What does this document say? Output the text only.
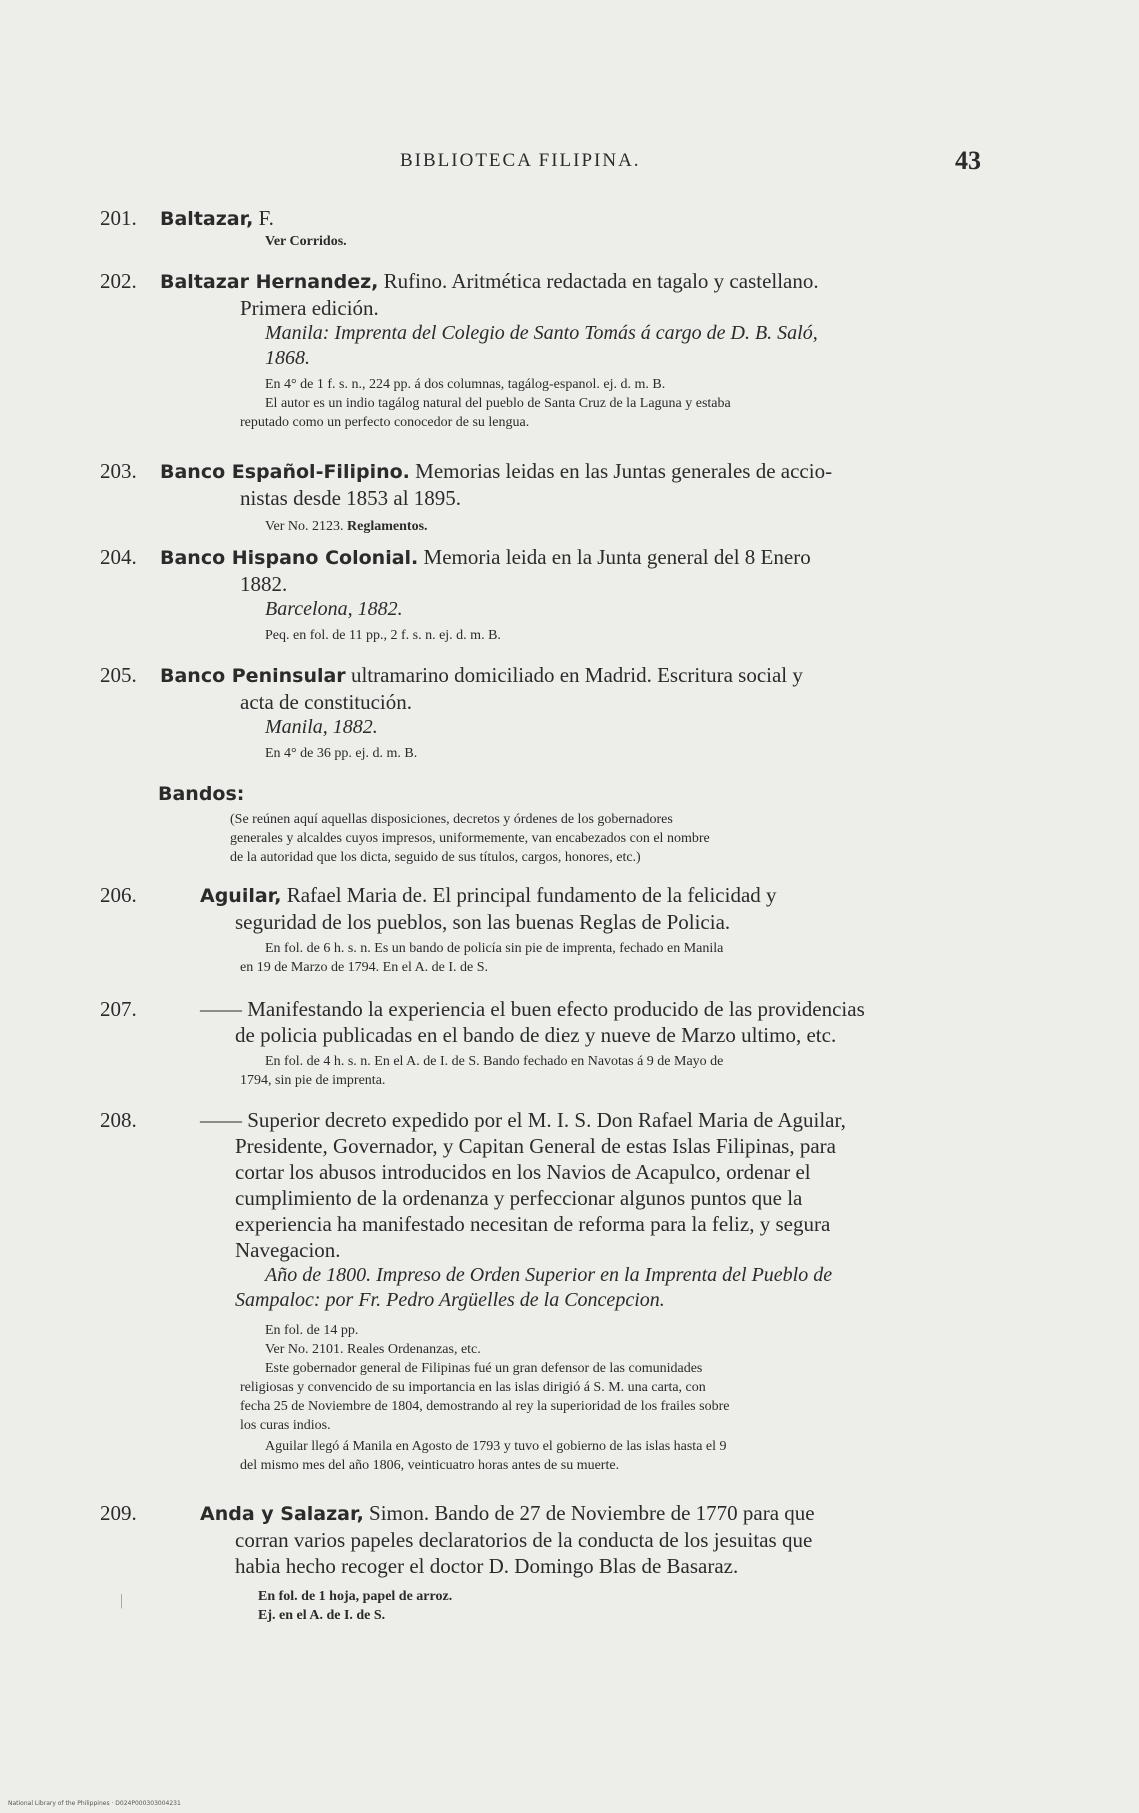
BIBLIOTECA FILIPINA.	43
201. Baltazar, F.
Ver Corridos.
202. Baltazar Hernandez, Rufino. Aritmética redactada en tagalo y castellano.
Primera edición.
Manila: Imprenta del Colegio de Santo Tomás á cargo de D. B. Saló,
1868.
En 4° de 1 f. s. n., 224 pp. á dos columnas, tagálog-espanol. ej. d. m. B.
El autor es un indio tagálog natural del pueblo de Santa Cruz de la Laguna y estaba
reputado como un perfecto conocedor de su lengua.
203. Banco Español-Filipino. Memorias leidas en las Juntas generales de accio-
nistas desde 1853 al 1895.
Ver No. 2123. Reglamentos.
204. Banco Hispano Colonial. Memoria leida en la Junta general del 8 Enero
1882.
Barcelona, 1882.
Peq. en fol. de 11 pp., 2 f. s. n. ej. d. m. B.
205. Banco Peninsular ultramarino domiciliado en Madrid. Escritura social y
acta de constitución.
Manila, 1882.
En 4° de 36 pp. ej. d. m. B.
Bandos:
(Se reúnen aquí aquellas disposiciones, decretos y órdenes de los gobernadores
generales y alcaldes cuyos impresos, uniformemente, van encabezados con el nombre
de la autoridad que los dicta, seguido de sus títulos, cargos, honores, etc.)
206.	Aguilar, Rafael Maria de. El principal fundamento de la felicidad y
seguridad de los pueblos, son las buenas Reglas de Policia.
En fol. de 6 h. s. n. Es un bando de policía sin pie de imprenta, fechado en Manila
en 19 de Marzo de 1794. En el A. de I. de S.
207.	—— Manifestando la experiencia el buen efecto producido de las providencias
de policia publicadas en el bando de diez y nueve de Marzo ultimo, etc.
En fol. de 4 h. s. n. En el A. de I. de S. Bando fechado en Navotas á 9 de Mayo de
1794, sin pie de imprenta.
208.	—— Superior decreto expedido por el M. I. S. Don Rafael Maria de Aguilar,
Presidente, Governador, y Capitan General de estas Islas Filipinas, para
cortar los abusos introducidos en los Navios de Acapulco, ordenar el
cumplimiento de la ordenanza y perfeccionar algunos puntos que la
experiencia ha manifestado necesitan de reforma para la feliz, y segura
Navegacion.
Año de 1800. Impreso de Orden Superior en la Imprenta del Pueblo de
Sampaloc: por Fr. Pedro Argüelles de la Concepcion.
En fol. de 14 pp.
Ver No. 2101. Reales Ordenanzas, etc.
Este gobernador general de Filipinas fué un gran defensor de las comunidades
religiosas y convencido de su importancia en las islas dirigió á S. M. una carta, con
fecha 25 de Noviembre de 1804, demostrando al rey la superioridad de los frailes sobre
los curas indios.
Aguilar llegó á Manila en Agosto de 1793 y tuvo el gobierno de las islas hasta el 9
del mismo mes del año 1806, veinticuatro horas antes de su muerte.
209.	Anda y Salazar, Simon. Bando de 27 de Noviembre de 1770 para que
corran varios papeles declaratorios de la conducta de los jesuitas que
habia hecho recoger el doctor D. Domingo Blas de Basaraz.
En fol. de 1 hoja, papel de arroz.
Ej. en el A. de I. de S.
|
National Library of the Philippines · D024P000303004231
